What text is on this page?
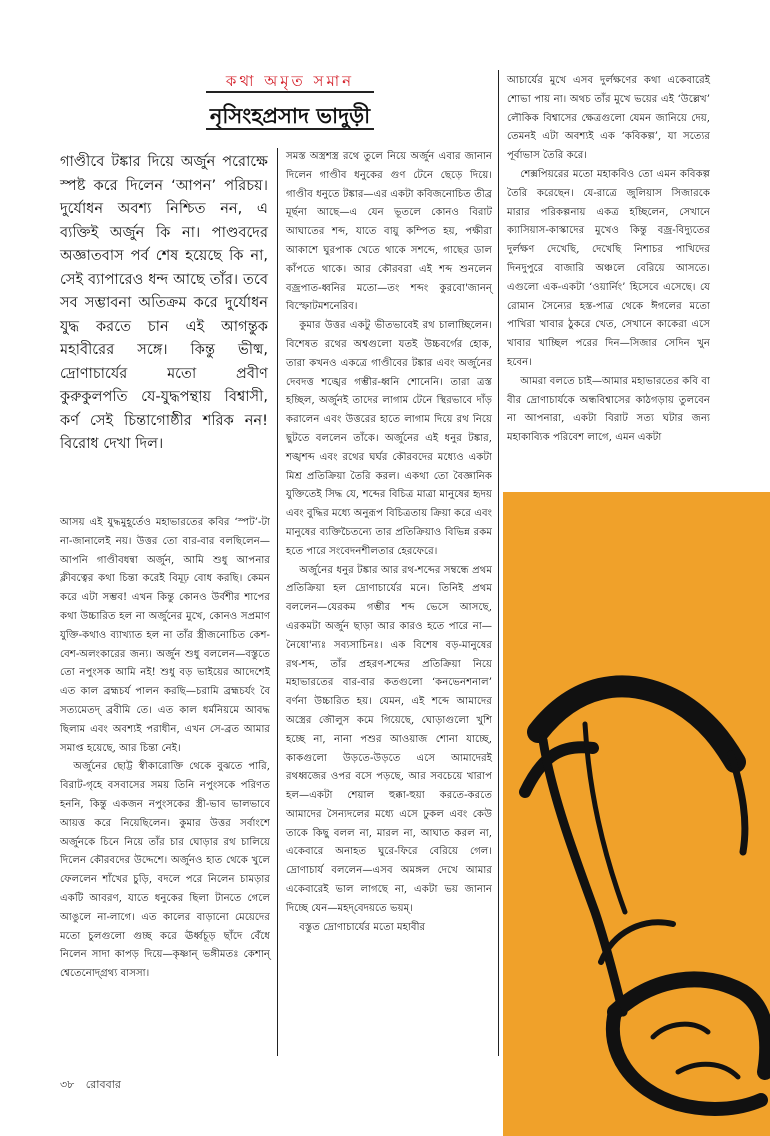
কথা অমৃত সমান
নৃসিংহপ্রসাদ ভাদুড়ী

গাণ্ডীবে টঙ্কার দিয়ে অর্জুন পরোক্ষে স্পষ্ট করে দিলেন ‘আপন’ পরিচয়। দুর্যোধন অবশ্য নিশ্চিত নন, এ ব্যক্তিই অর্জুন কি না। পাণ্ডবদের অজ্ঞাতবাস পর্ব শেষ হয়েছে কি না, সেই ব্যাপারেও ধন্দ আছে তাঁর। তবে সব সম্ভাবনা অতিক্রম করে দুর্যোধন যুদ্ধ করতে চান এই আগন্তুক মহাবীরের সঙ্গে। কিন্তু ভীষ্ম, দ্রোণাচার্যের মতো প্রবীণ কুরুকুলপতি যে-যুদ্ধপন্থায় বিশ্বাসী, কর্ণ সেই চিন্তাগোষ্ঠীর শরিক নন! বিরোধ দেখা দিল।

আসয় এই যুদ্ধমুহূর্তেও মহাভারতের কবির ‘স্পট’-টা না-জানালেই নয়। উত্তর তো বার-বার বলছিলেন—আপনি গাণ্ডীবধন্বা অর্জুন, আমি শুধু আপনার ক্লীবত্বের কথা চিন্তা করেই বিমূঢ় বোধ করছি। কেমন করে এটা সম্ভব! এখন কিন্তু কোনও উর্বশীর শাপের কথা উচ্চারিত হল না অর্জুনের মুখে, কোনও সপ্রমাণ যুক্তি-কথাও ব্যাখ্যাত হল না তাঁর স্ত্রীজনোচিত কেশ-বেশ-অলংকারের জন্য। অর্জুন শুধু বললেন—বস্তুতে তো নপুংসক আমি নই! শুধু বড় ভাইয়ের আদেশেই এত কাল ব্রহ্মচর্য পালন করছি—চরামি ব্রহ্মচর্যং বৈ সত্যমেতদ্ ব্রবীমি তে। এত কাল ধর্মনিয়মে আবদ্ধ ছিলাম এবং অবশ্যই পরাধীন, এখন সে-ব্রত আমার সমাপ্ত হয়েছে, আর চিন্তা নেই।

অর্জুনের ছোট্ট স্বীকারোক্তি থেকে বুঝতে পারি, বিরাট-গৃহে বসবাসের সময় তিনি নপুংসকে পরিণত হননি, কিন্তু একজন নপুংসকের স্ত্রী-ভাব ভালভাবে আয়ত্ত করে নিয়েছিলেন। কুমার উত্তর সর্বাংশে অর্জুনকে চিনে নিয়ে তাঁর চার ঘোড়ার রথ চালিয়ে দিলেন কৌরবদের উদ্দেশে। অর্জুনও হাত থেকে খুলে ফেললেন শাঁখের চুড়ি, বদলে পরে নিলেন চামড়ার একটি আবরণ, যাতে ধনুকের ছিলা টানতে গেলে আঙুলে না-লাগে। এত কালের বাড়ানো মেয়েদের মতো চুলগুলো গুচ্ছ করে ঊর্ধ্বচূড় ছাঁদে বেঁধে নিলেন সাদা কাপড় দিয়ে—কৃষ্ণান্ ভঙ্গীমতঃ কেশান্ শ্বেতেনোদ্গ্রথ্য বাসসা।

সমস্ত অস্ত্রশস্ত্র রথে তুলে নিয়ে অর্জুন এবার জানান দিলেন গাণ্ডীব ধনুকের গুণ টেনে ছেড়ে দিয়ে। গাণ্ডীব ধনুতে টঙ্কার—এর একটা কবিজনোচিত তীব্র মূর্ছনা আছে—এ যেন ভূতলে কোনও বিরাট আঘাতের শব্দ, যাতে বায়ু কম্পিত হয়, পক্ষীরা আকাশে ঘুরপাক খেতে থাকে সশব্দে, গাছের ডাল কাঁপতে থাকে। আর কৌরবরা এই শব্দ শুনলেন বজ্রপাত-ধ্বনির মতো—তং শব্দং কুরবো'জানন্ বিস্ফোটমশনেরিব।

কুমার উত্তর একটু ভীতভাবেই রথ চালাচ্ছিলেন। বিশেষত রথের অশ্বগুলো যতই উচ্চবর্গের হোক, তারা কখনও একত্রে গাণ্ডীবের টঙ্কার এবং অর্জুনের দেবদত্ত শঙ্খের গম্ভীর-ধ্বনি শোনেনি। তারা ত্রস্ত হচ্ছিল, অর্জুনই তাদের লাগাম টেনে স্থিরভাবে দাঁড় করালেন এবং উত্তরের হাতে লাগাম দিয়ে রথ নিয়ে ছুটতে বললেন তাঁকে। অর্জুনের এই ধনুর টঙ্কার, শঙ্খশব্দ এবং রথের ঘর্ঘর কৌরবদের মধ্যেও একটা মিশ্র প্রতিক্রিয়া তৈরি করল। একথা তো বৈজ্ঞানিক যুক্তিতেই সিদ্ধ যে, শব্দের বিচিত্র মাত্রা মানুষের হৃদয় এবং বুদ্ধির মধ্যে অনুরূপ বিচিত্রতায় ক্রিয়া করে এবং মানুষের ব্যক্তিচৈতন্যে তার প্রতিক্রিয়াও বিভিন্ন রকম হতে পারে সংবেদনশীলতার হেরফেরে।

অর্জুনের ধনুর টঙ্কার আর রথ-শব্দের সম্বন্ধে প্রথম প্রতিক্রিয়া হল দ্রোণাচার্যের মনে। তিনিই প্রথম বললেন—যেরকম গম্ভীর শব্দ ভেসে আসছে, এরকমটা অর্জুন ছাড়া আর কারও হতে পারে না—নৈষো'ন্যঃ সব্যসাচিনঃ। এক বিশেষ বড়-মানুষের রথ-শব্দ, তাঁর প্রহরণ-শব্দের প্রতিক্রিয়া নিয়ে মহাভারতের বার-বার কতগুলো ‘কনভেনশনাল’ বর্ণনা উচ্চারিত হয়। যেমন, এই শব্দে আমাদের অস্ত্রের জৌলুস কমে গিয়েছে, ঘোড়াগুলো খুশি হচ্ছে না, নানা পশুর আওয়াজ শোনা যাচ্ছে, কাকগুলো উড়তে-উড়তে এসে আমাদেরই রথধ্বজের ওপর বসে পড়ছে, আর সবচেয়ে খারাপ হল—একটা শেয়াল হুক্কা-হুয়া করতে-করতে আমাদের সৈন্যদলের মধ্যে এসে ঢুকল এবং কেউ তাকে কিছু বলল না, মারল না, আঘাত করল না, একেবারে অনাহত ঘুরে-ফিরে বেরিয়ে গেল। দ্রোণাচার্য বললেন—এসব অমঙ্গল দেখে আমার একেবারেই ভাল লাগছে না, একটা ভয় জানান দিচ্ছে যেন—মহদ্‌বেদয়তে ভয়ম্।

বস্তুত দ্রোণাচার্যের মতো মহাবীর

আচার্যের মুখে এসব দুর্লক্ষণের কথা একেবারেই শোভা পায় না। অথচ তাঁর মুখে ভয়ের এই ‘উল্লেখ’ লৌকিক বিশ্বাসের ক্ষেত্রগুলো যেমন জানিয়ে দেয়, তেমনই এটা অবশ্যই এক ‘কবিকল্প’, যা সত্যের পূর্বাভাস তৈরি করে।

শেক্সপিয়রের মতো মহাকবিও তো এমন কবিকল্প তৈরি করেছেন। যে-রাত্রে জুলিয়াস সিজারকে মারার পরিকল্পনায় একত্র হচ্ছিলেন, সেখানে ক্যাসিয়াস-কাস্কাদের মুখেও কিন্তু বজ্র-বিদ্যুতের দুর্লক্ষণ দেখেছি, দেখেছি নিশাচর পাখিদের দিনদুপুরে বাজারি অঞ্চলে বেরিয়ে আসতে। এগুলো এক-একটা ‘ওয়ার্নিং’ হিসেবে এসেছে। যে রোমান সৈন্যের হস্ত-পাত্র থেকে ঈগলের মতো পাখিরা খাবার ঠুকরে খেত, সেখানে কাকেরা এসে খাবার খাচ্ছিল পরের দিন—সিজার সেদিন খুন হবেন।

আমরা বলতে চাই—আমার মহাভারতের কবি বা বীর দ্রোণাচার্যকে অন্ধবিশ্বাসের কাঠগড়ায় তুলবেন না আপনারা, একটা বিরাট সত্য ঘটার জন্য মহাকাব্যিক পরিবেশ লাগে, এমন একটা

৩৮ রোববার
